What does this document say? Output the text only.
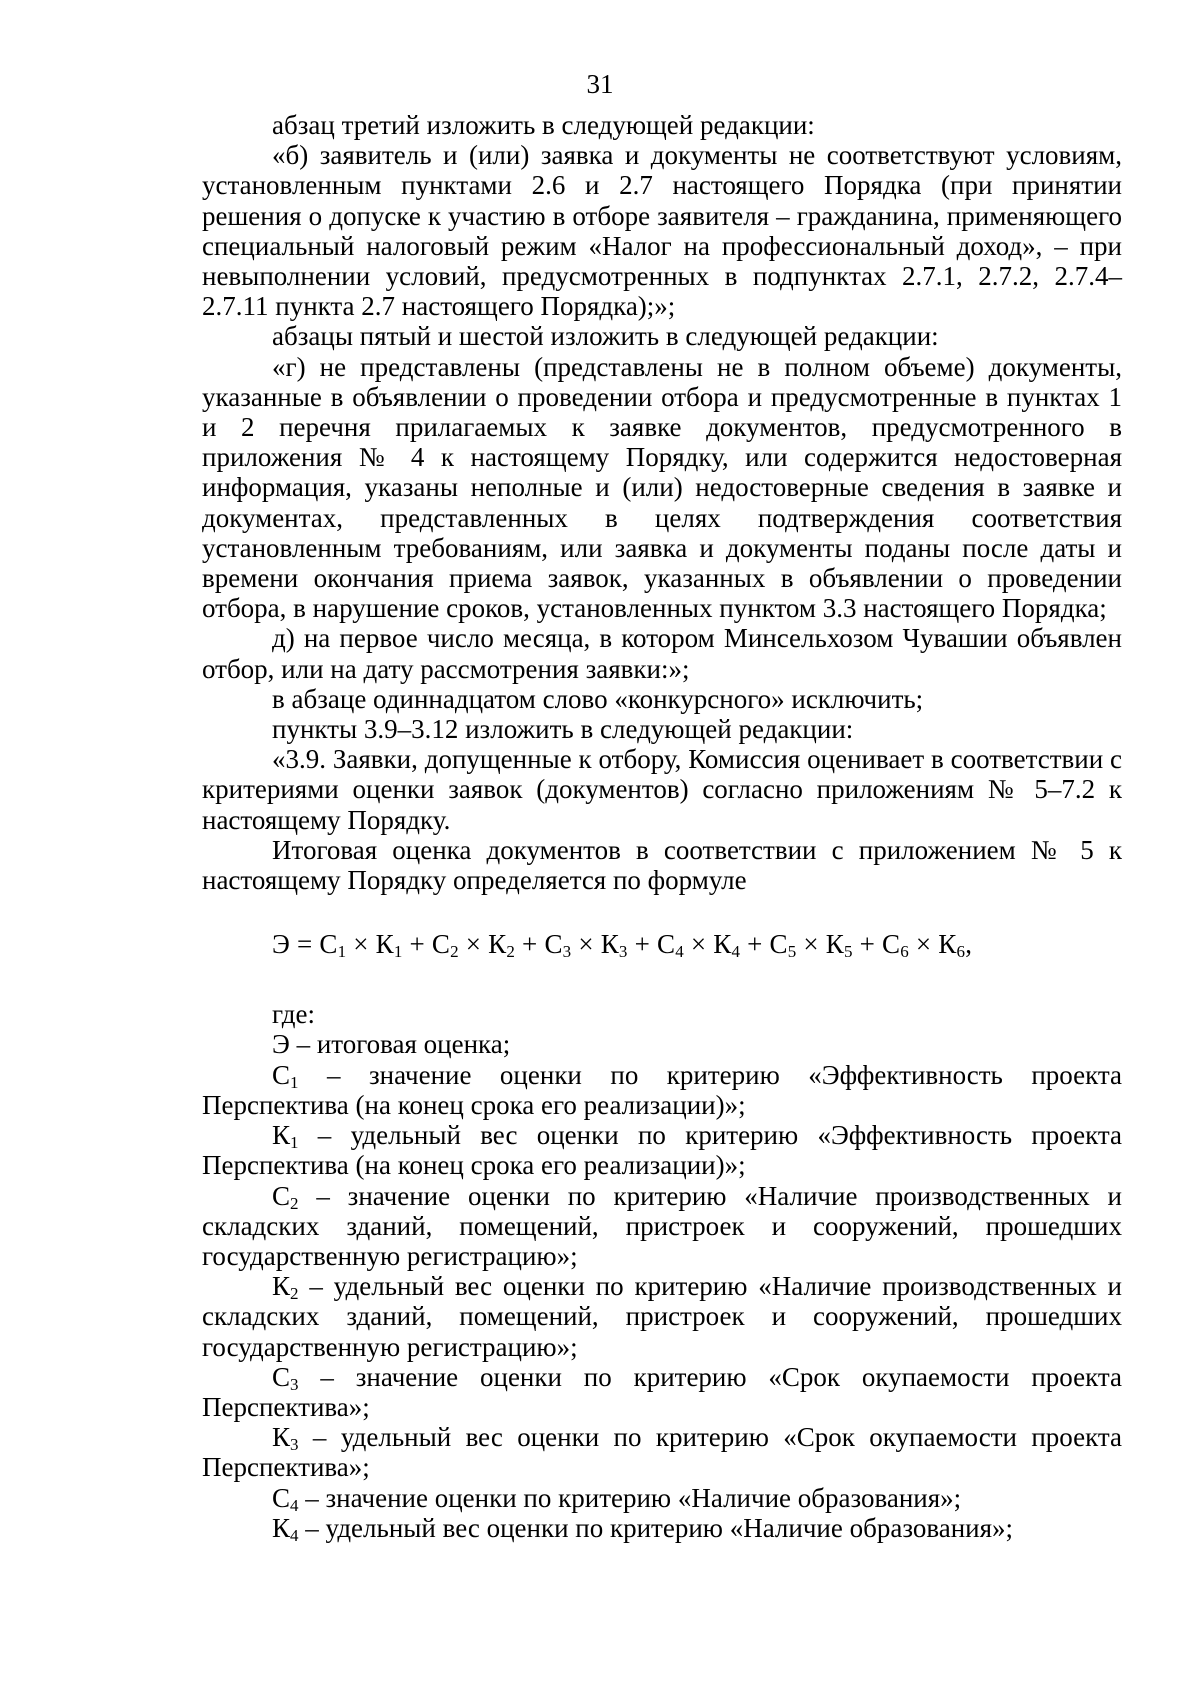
31

абзац третий изложить в следующей редакции:

«б) заявитель и (или) заявка и документы не соответствуют условиям, установленным пунктами 2.6 и 2.7 настоящего Порядка (при принятии решения о допуске к участию в отборе заявителя – гражданина, применяющего специальный налоговый режим «Налог на профессиональный доход», – при невыполнении условий, предусмотренных в подпунктах 2.7.1, 2.7.2, 2.7.4–2.7.11 пункта 2.7 настоящего Порядка);»;

абзацы пятый и шестой изложить в следующей редакции:

«г) не представлены (представлены не в полном объеме) документы, указанные в объявлении о проведении отбора и предусмотренные в пунктах 1 и 2 перечня прилагаемых к заявке документов, предусмотренного в приложения № 4 к настоящему Порядку, или содержится недостоверная информация, указаны неполные и (или) недостоверные сведения в заявке и документах, представленных в целях подтверждения соответствия установленным требованиям, или заявка и документы поданы после даты и времени окончания приема заявок, указанных в объявлении о проведении отбора, в нарушение сроков, установленных пунктом 3.3 настоящего Порядка;

д) на первое число месяца, в котором Минсельхозом Чувашии объявлен отбор, или на дату рассмотрения заявки:»;

в абзаце одиннадцатом слово «конкурсного» исключить;

пункты 3.9–3.12 изложить в следующей редакции:

«3.9. Заявки, допущенные к отбору, Комиссия оценивает в соответствии с критериями оценки заявок (документов) согласно приложениям № 5–7.2 к настоящему Порядку.

Итоговая оценка документов в соответствии с приложением № 5 к настоящему Порядку определяется по формуле

$Э = С_1 \times К_1 + С_2 \times К_2 + С_3 \times К_3 + С_4 \times К_4 + С_5 \times К_5 + С_6 \times К_6$,

где:

Э – итоговая оценка;

$С_1$ – значение оценки по критерию «Эффективность проекта Перспектива (на конец срока его реализации)»;

$К_1$ – удельный вес оценки по критерию «Эффективность проекта Перспектива (на конец срока его реализации)»;

$С_2$ – значение оценки по критерию «Наличие производственных и складских зданий, помещений, пристроек и сооружений, прошедших государственную регистрацию»;

$К_2$ – удельный вес оценки по критерию «Наличие производственных и складских зданий, помещений, пристроек и сооружений, прошедших государственную регистрацию»;

$С_3$ – значение оценки по критерию «Срок окупаемости проекта Перспектива»;

$К_3$ – удельный вес оценки по критерию «Срок окупаемости проекта Перспектива»;

$С_4$ – значение оценки по критерию «Наличие образования»;

$К_4$ – удельный вес оценки по критерию «Наличие образования»;
